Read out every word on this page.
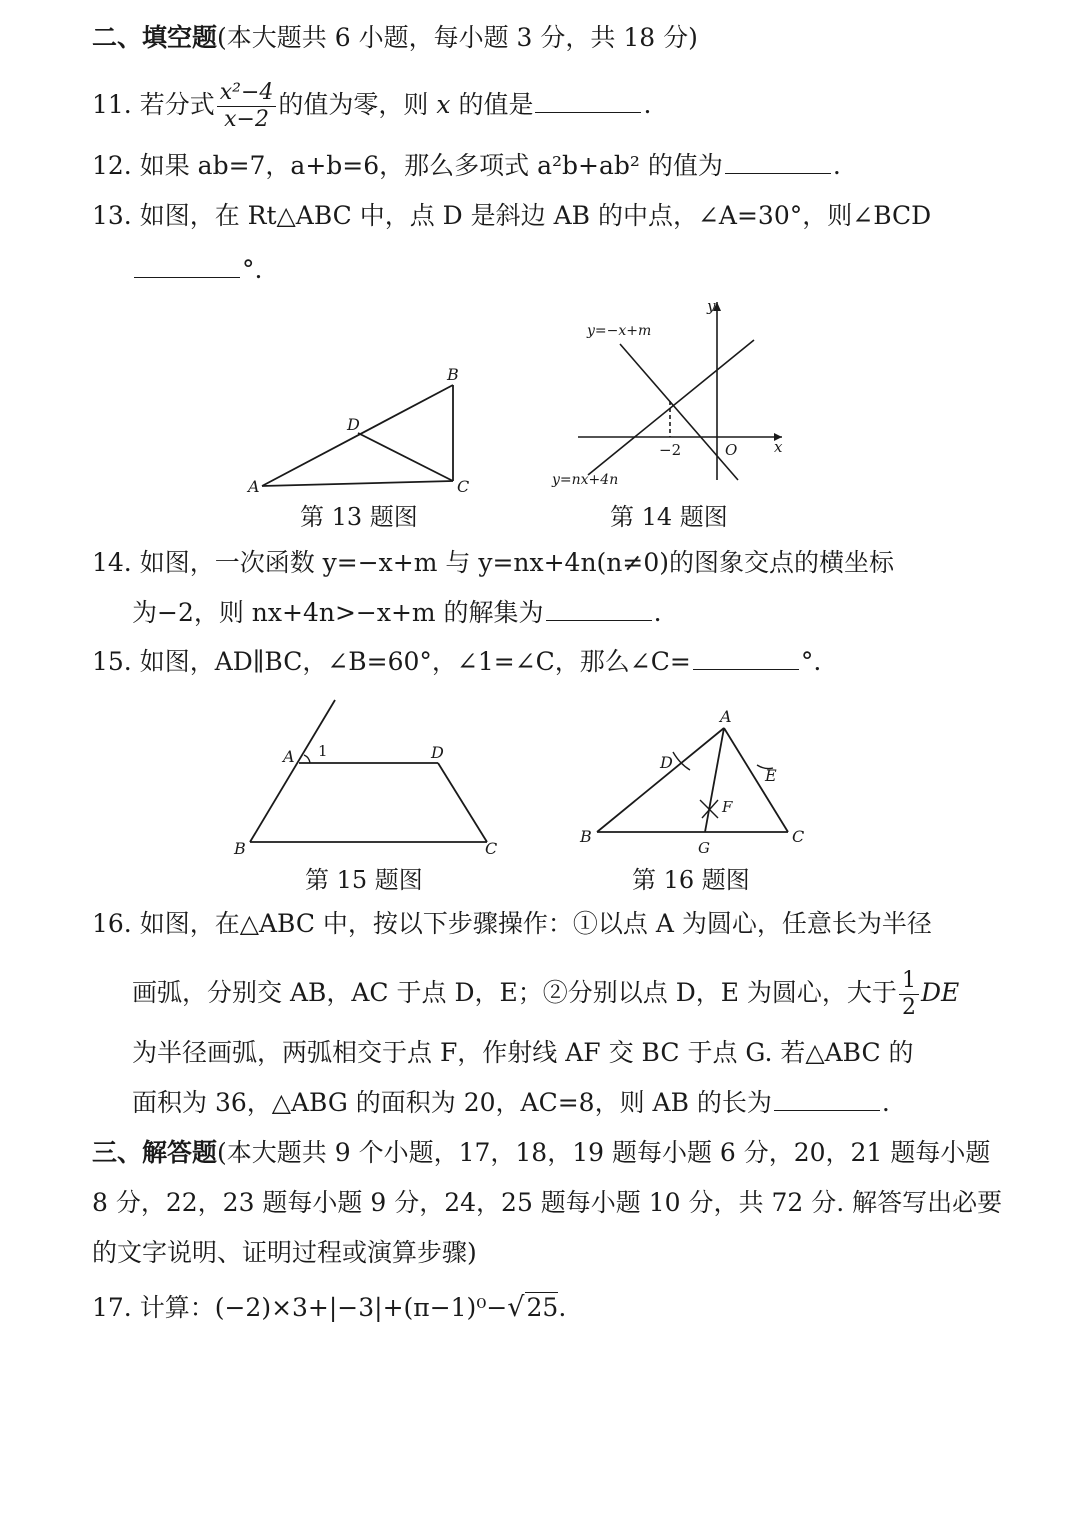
二、填空题(本大题共 6 小题，每小题 3 分，共 18 分)
11. 若分式 $\frac{\text{x²−4}}{x-2}$ 的值为零，则 x 的值是	.
12. 如果 ab=7，a+b=6，那么多项式 a²b+ab² 的值为	.
13. 如图，在 Rt△ABC 中，点 D 是斜边 AB 的中点，∠A=30°，则∠BCD
°.
A
B
C
D
y
x
O
−2
y=−x+m
y=nx+4n
第 13 题图	第 14 题图
14. 如图，一次函数 y=−x+m 与 y=nx+4n(n≠0)的图象交点的横坐标
为−2，则 nx+4n>−x+m 的解集为	.
15. 如图，AD∥BC，∠B=60°，∠1=∠C，那么∠C=	°.
A 1	D
B	C
A
D
E
F
B	C
G
第 15 题图	第 16 题图
16. 如图，在△ABC 中，按以下步骤操作：①以点 A 为圆心，任意长为半径
画弧，分别交 AB，AC 于点 D，E；②分别以点 D，E 为圆心，大于 $\frac{1}{2}$ DE
为半径画弧，两弧相交于点 F，作射线 AF 交 BC 于点 G. 若△ABC 的
面积为 36，△ABG 的面积为 20，AC=8，则 AB 的长为	.
三、解答题(本大题共 9 个小题，17，18，19 题每小题 6 分，20，21 题每小题
8 分，22，23 题每小题 9 分，24，25 题每小题 10 分，共 72 分. 解答写出必要
的文字说明、证明过程或演算步骤)
17. 计算：(−2)×3+|−3|+(π−1)⁰−√25.
